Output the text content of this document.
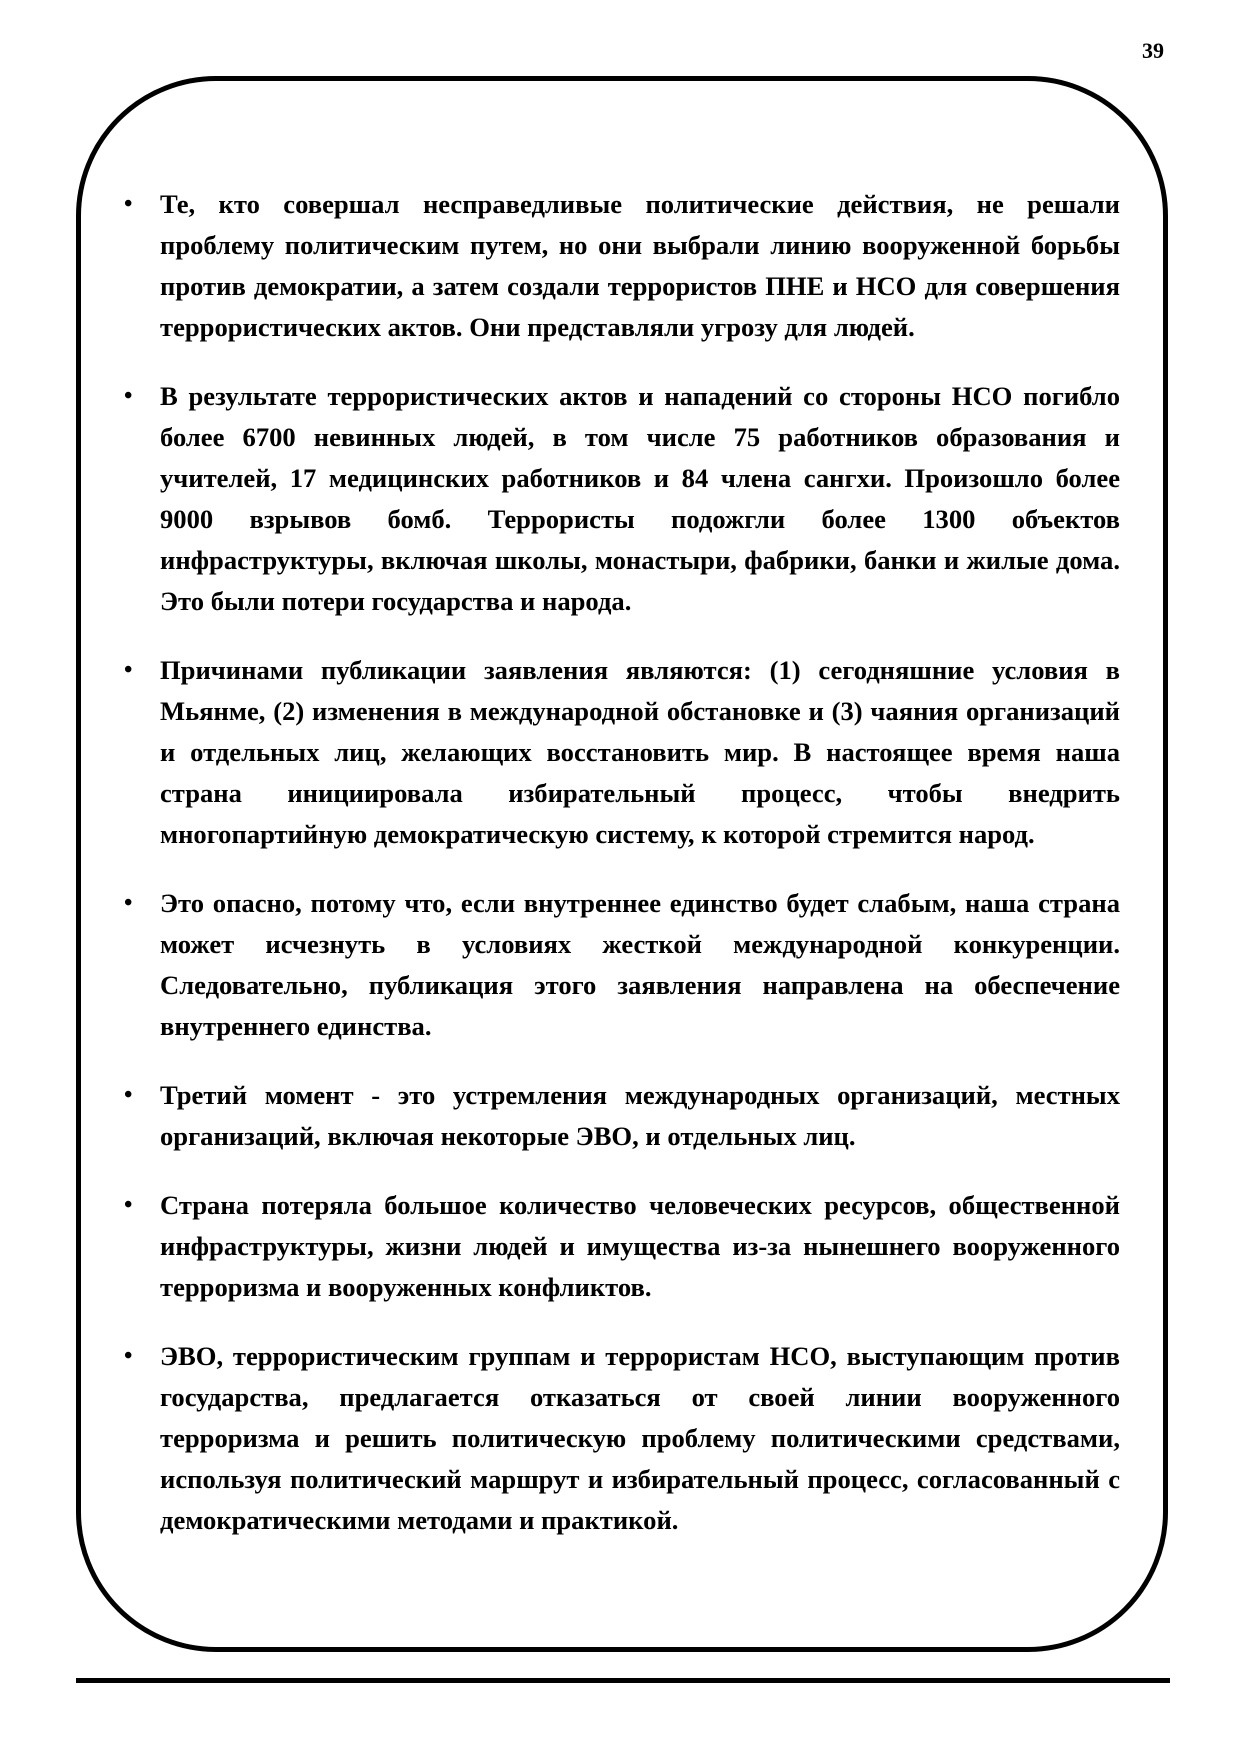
39
• Те, кто совершал несправедливые политические действия, не решали проблему политическим путем, но они выбрали линию вооруженной борьбы против демократии, а затем создали террористов ПНЕ и НСО для совершения террористических актов. Они представляли угрозу для людей.
• В результате террористических актов и нападений со стороны НСО погибло более 6700 невинных людей, в том числе 75 работников образования и учителей, 17 медицинских работников и 84 члена сангхи. Произошло более 9000 взрывов бомб. Террористы подожгли более 1300 объектов инфраструктуры, включая школы, монастыри, фабрики, банки и жилые дома. Это были потери государства и народа.
• Причинами публикации заявления являются: (1) сегодняшние условия в Мьянме, (2) изменения в международной обстановке и (3) чаяния организаций и отдельных лиц, желающих восстановить мир. В настоящее время наша страна инициировала избирательный процесс, чтобы внедрить многопартийную демократическую систему, к которой стремится народ.
• Это опасно, потому что, если внутреннее единство будет слабым, наша страна может исчезнуть в условиях жесткой международной конкуренции. Следовательно, публикация этого заявления направлена на обеспечение внутреннего единства.
• Третий момент - это устремления международных организаций, местных организаций, включая некоторые ЭВО, и отдельных лиц.
• Страна потеряла большое количество человеческих ресурсов, общественной инфраструктуры, жизни людей и имущества из-за нынешнего вооруженного терроризма и вооруженных конфликтов.
• ЭВО, террористическим группам и террористам НСО, выступающим против государства, предлагается отказаться от своей линии вооруженного терроризма и решить политическую проблему политическими средствами, используя политический маршрут и избирательный процесс, согласованный с демократическими методами и практикой.
